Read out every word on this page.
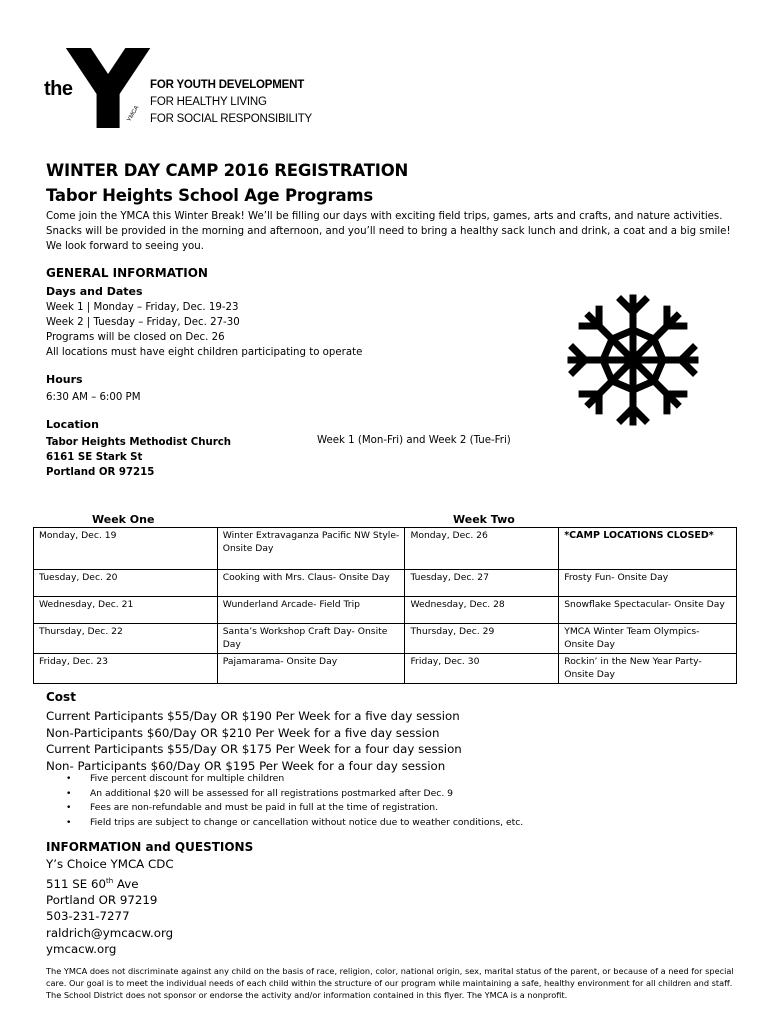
the
YMCA
FOR YOUTH DEVELOPMENT
FOR HEALTHY LIVING
FOR SOCIAL RESPONSIBILITY
WINTER DAY CAMP 2016 REGISTRATION
Tabor Heights School Age Programs
Come join the YMCA this Winter Break! We’ll be filling our days with exciting field trips, games, arts and crafts, and nature activities. Snacks will be provided in the morning and afternoon, and you’ll need to bring a healthy sack lunch and drink, a coat and a big smile! We look forward to seeing you.
GENERAL INFORMATION
Days and Dates
Week 1 | Monday – Friday, Dec. 19-23
Week 2 | Tuesday – Friday, Dec. 27-30
Programs will be closed on Dec. 26
All locations must have eight children participating to operate
Hours
6:30 AM – 6:00 PM
Location
Tabor Heights Methodist Church
6161 SE Stark St
Portland OR 97215
Week 1 (Mon-Fri) and Week 2 (Tue-Fri)
Week One	Week Two
Monday, Dec. 19	Winter Extravaganza Pacific NW Style- Onsite Day	Monday, Dec. 26	*CAMP LOCATIONS CLOSED*
Tuesday, Dec. 20	Cooking with Mrs. Claus- Onsite Day	Tuesday, Dec. 27	Frosty Fun- Onsite Day
Wednesday, Dec. 21	Wunderland Arcade- Field Trip	Wednesday, Dec. 28	Snowflake Spectacular- Onsite Day
Thursday, Dec. 22	Santa’s Workshop Craft Day- Onsite Day	Thursday, Dec. 29	YMCA Winter Team Olympics- Onsite Day
Friday, Dec. 23	Pajamarama- Onsite Day	Friday, Dec. 30	Rockin’ in the New Year Party- Onsite Day
Cost
Current Participants $55/Day OR $190 Per Week for a five day session
Non-Participants $60/Day OR $210 Per Week for a five day session
Current Participants $55/Day OR $175 Per Week for a four day session
Non- Participants $60/Day OR $195 Per Week for a four day session
• Five percent discount for multiple children
• An additional $20 will be assessed for all registrations postmarked after Dec. 9
• Fees are non-refundable and must be paid in full at the time of registration.
• Field trips are subject to change or cancellation without notice due to weather conditions, etc.
INFORMATION and QUESTIONS
Y’s Choice YMCA CDC
511 SE 60th Ave
Portland OR 97219
503-231-7277
raldrich@ymcacw.org
ymcacw.org
The YMCA does not discriminate against any child on the basis of race, religion, color, national origin, sex, marital status of the parent, or because of a need for special care. Our goal is to meet the individual needs of each child within the structure of our program while maintaining a safe, healthy environment for all children and staff. The School District does not sponsor or endorse the activity and/or information contained in this flyer. The YMCA is a nonprofit.
